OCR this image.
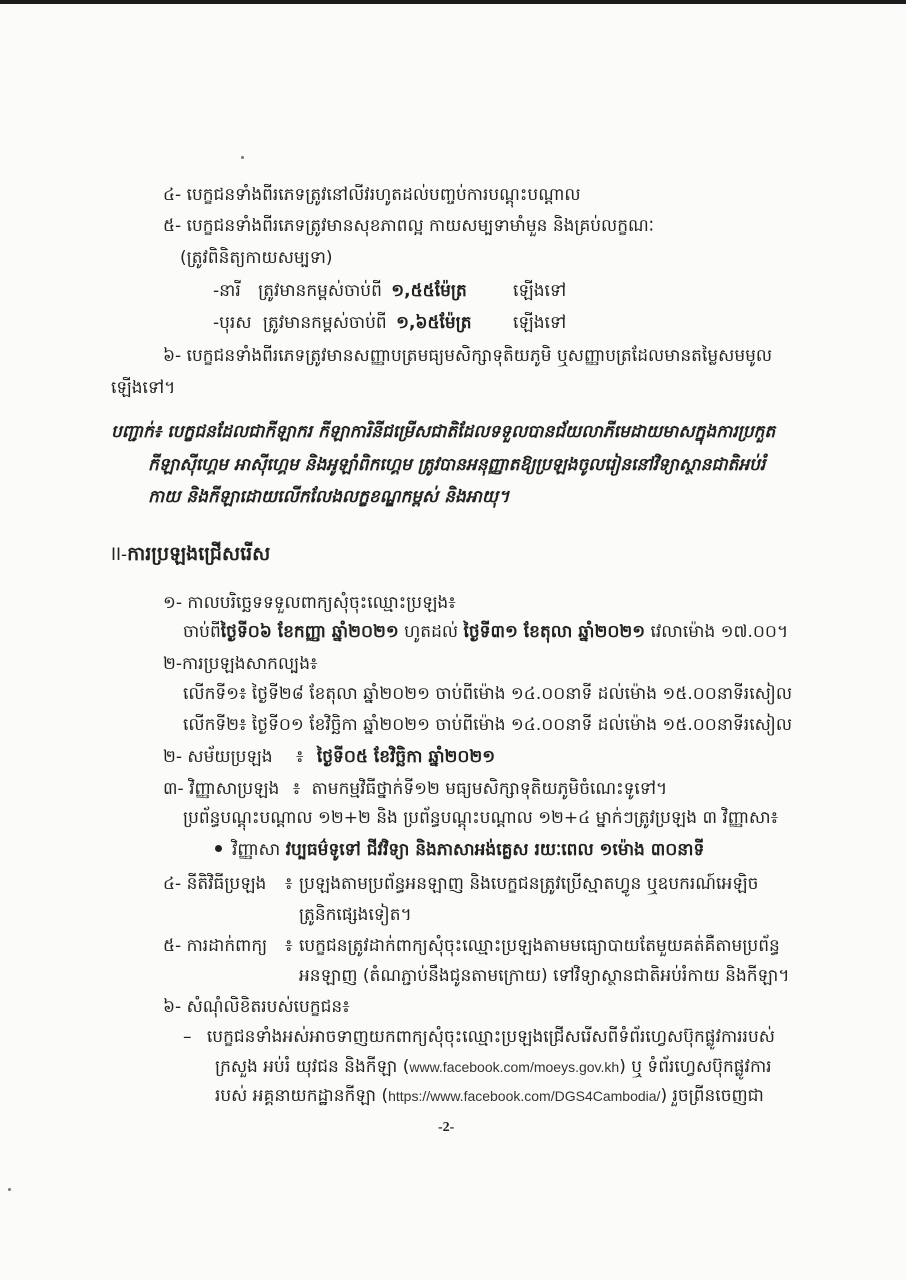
៤- បេក្ខជនទាំងពីរភេទត្រូវនៅលីវរហូតដល់បញ្ចប់ការបណ្តុះបណ្តាល
៥- បេក្ខជនទាំងពីរភេទត្រូវមានសុខភាពល្អ កាយសម្បទាមាំមួន និងគ្រប់លក្ខណៈ
(ត្រូវពិនិត្យកាយសម្បទា)
-នារី ត្រូវមានកម្ពស់ចាប់ពី ១,៥៥ម៉ែត្រ	ឡើងទៅ
-បុរស ត្រូវមានកម្ពស់ចាប់ពី ១,៦៥ម៉ែត្រ ឡើងទៅ
៦- បេក្ខជនទាំងពីរភេទត្រូវមានសញ្ញាបត្រមធ្យមសិក្សាទុតិយភូមិ ឬសញ្ញាបត្រដែលមានតម្លៃសមមូល
ឡើងទៅ។
បញ្ជាក់៖ បេក្ខជនដែលជាកីឡាករ កីឡាការិនីជម្រើសជាតិដែលទទួលបានជ័យលាភីមេដាយមាសក្នុងការប្រកួត
កីឡាស៊ីហ្គេម អាស៊ីហ្គេម និងអូឡាំពិកហ្គេម ត្រូវបានអនុញ្ញាតឱ្យប្រឡងចូលរៀននៅវិទ្យាស្ថានជាតិអប់រំ
កាយ និងកីឡាដោយលើកលែងលក្ខខណ្ឌកម្ពស់ និងអាយុ។
II-ការប្រឡងជ្រើសរើស
១- កាលបរិច្ឆេទទទួលពាក្យសុំចុះឈ្មោះប្រឡង៖
ចាប់ពីថ្ងៃទី០៦ ខែកញ្ញា ឆ្នាំ២០២១ ហូតដល់ ថ្ងៃទី៣១ ខែតុលា ឆ្នាំ២០២១ វេលាម៉ោង ១៧.០០។
២-ការប្រឡងសាកល្បង៖
លើកទី១៖ ថ្ងៃទី២៨ ខែតុលា ឆ្នាំ២០២១ ចាប់ពីម៉ោង ១៤.០០នាទី ដល់ម៉ោង ១៥.០០នាទីរសៀល
លើកទី២៖ ថ្ងៃទី០១ ខែវិច្ឆិកា ឆ្នាំ២០២១ ចាប់ពីម៉ោង ១៤.០០នាទី ដល់ម៉ោង ១៥.០០នាទីរសៀល
២- សម័យប្រឡង ៖ ថ្ងៃទី០៥ ខែវិច្ឆិកា ឆ្នាំ២០២១
៣- វិញ្ញាសាប្រឡង ៖ តាមកម្មវិធីថ្នាក់ទី១២ មធ្យមសិក្សាទុតិយភូមិចំណេះទូទៅ។
ប្រព័ន្ធបណ្តុះបណ្តាល ១២+២ និង ប្រព័ន្ធបណ្តុះបណ្តាល ១២+៤ ម្នាក់ៗត្រូវប្រឡង ៣ វិញ្ញាសា៖
វិញ្ញាសា វប្បធម៌ទូទៅ ជីវវិទ្យា និងភាសាអង់គ្លេស រយៈពេល ១ម៉ោង ៣០នាទី
៤- នីតិវិធីប្រឡង ៖ ប្រឡងតាមប្រព័ន្ធអនឡាញ និងបេក្ខជនត្រូវប្រើស្មាតហ្វូន ឬឧបករណ៍អេឡិច
ត្រូនិកផ្សេងទៀត។
៥- ការដាក់ពាក្យ ៖ បេក្ខជនត្រូវដាក់ពាក្យសុំចុះឈ្មោះប្រឡងតាមមធ្យោបាយតែមួយគត់គឺតាមប្រព័ន្ធ
អនឡាញ (តំណភ្ជាប់នឹងជូនតាមក្រោយ) ទៅវិទ្យាស្ថានជាតិអប់រំកាយ និងកីឡា។
៦- សំណុំលិខិតរបស់បេក្ខជន៖
– បេក្ខជនទាំងអស់អាចទាញយកពាក្យសុំចុះឈ្មោះប្រឡងជ្រើសរើសពីទំព័រហ្វេសប៊ុកផ្លូវការរបស់
ក្រសួង អប់រំ យុវជន និងកីឡា (www.facebook.com/moeys.gov.kh) ឬ ទំព័រហ្វេសប៊ុកផ្លូវការ
របស់ អគ្គនាយកដ្ឋានកីឡា (https://www.facebook.com/DGS4Cambodia/) រួចព្រីនចេញជា
-2-
